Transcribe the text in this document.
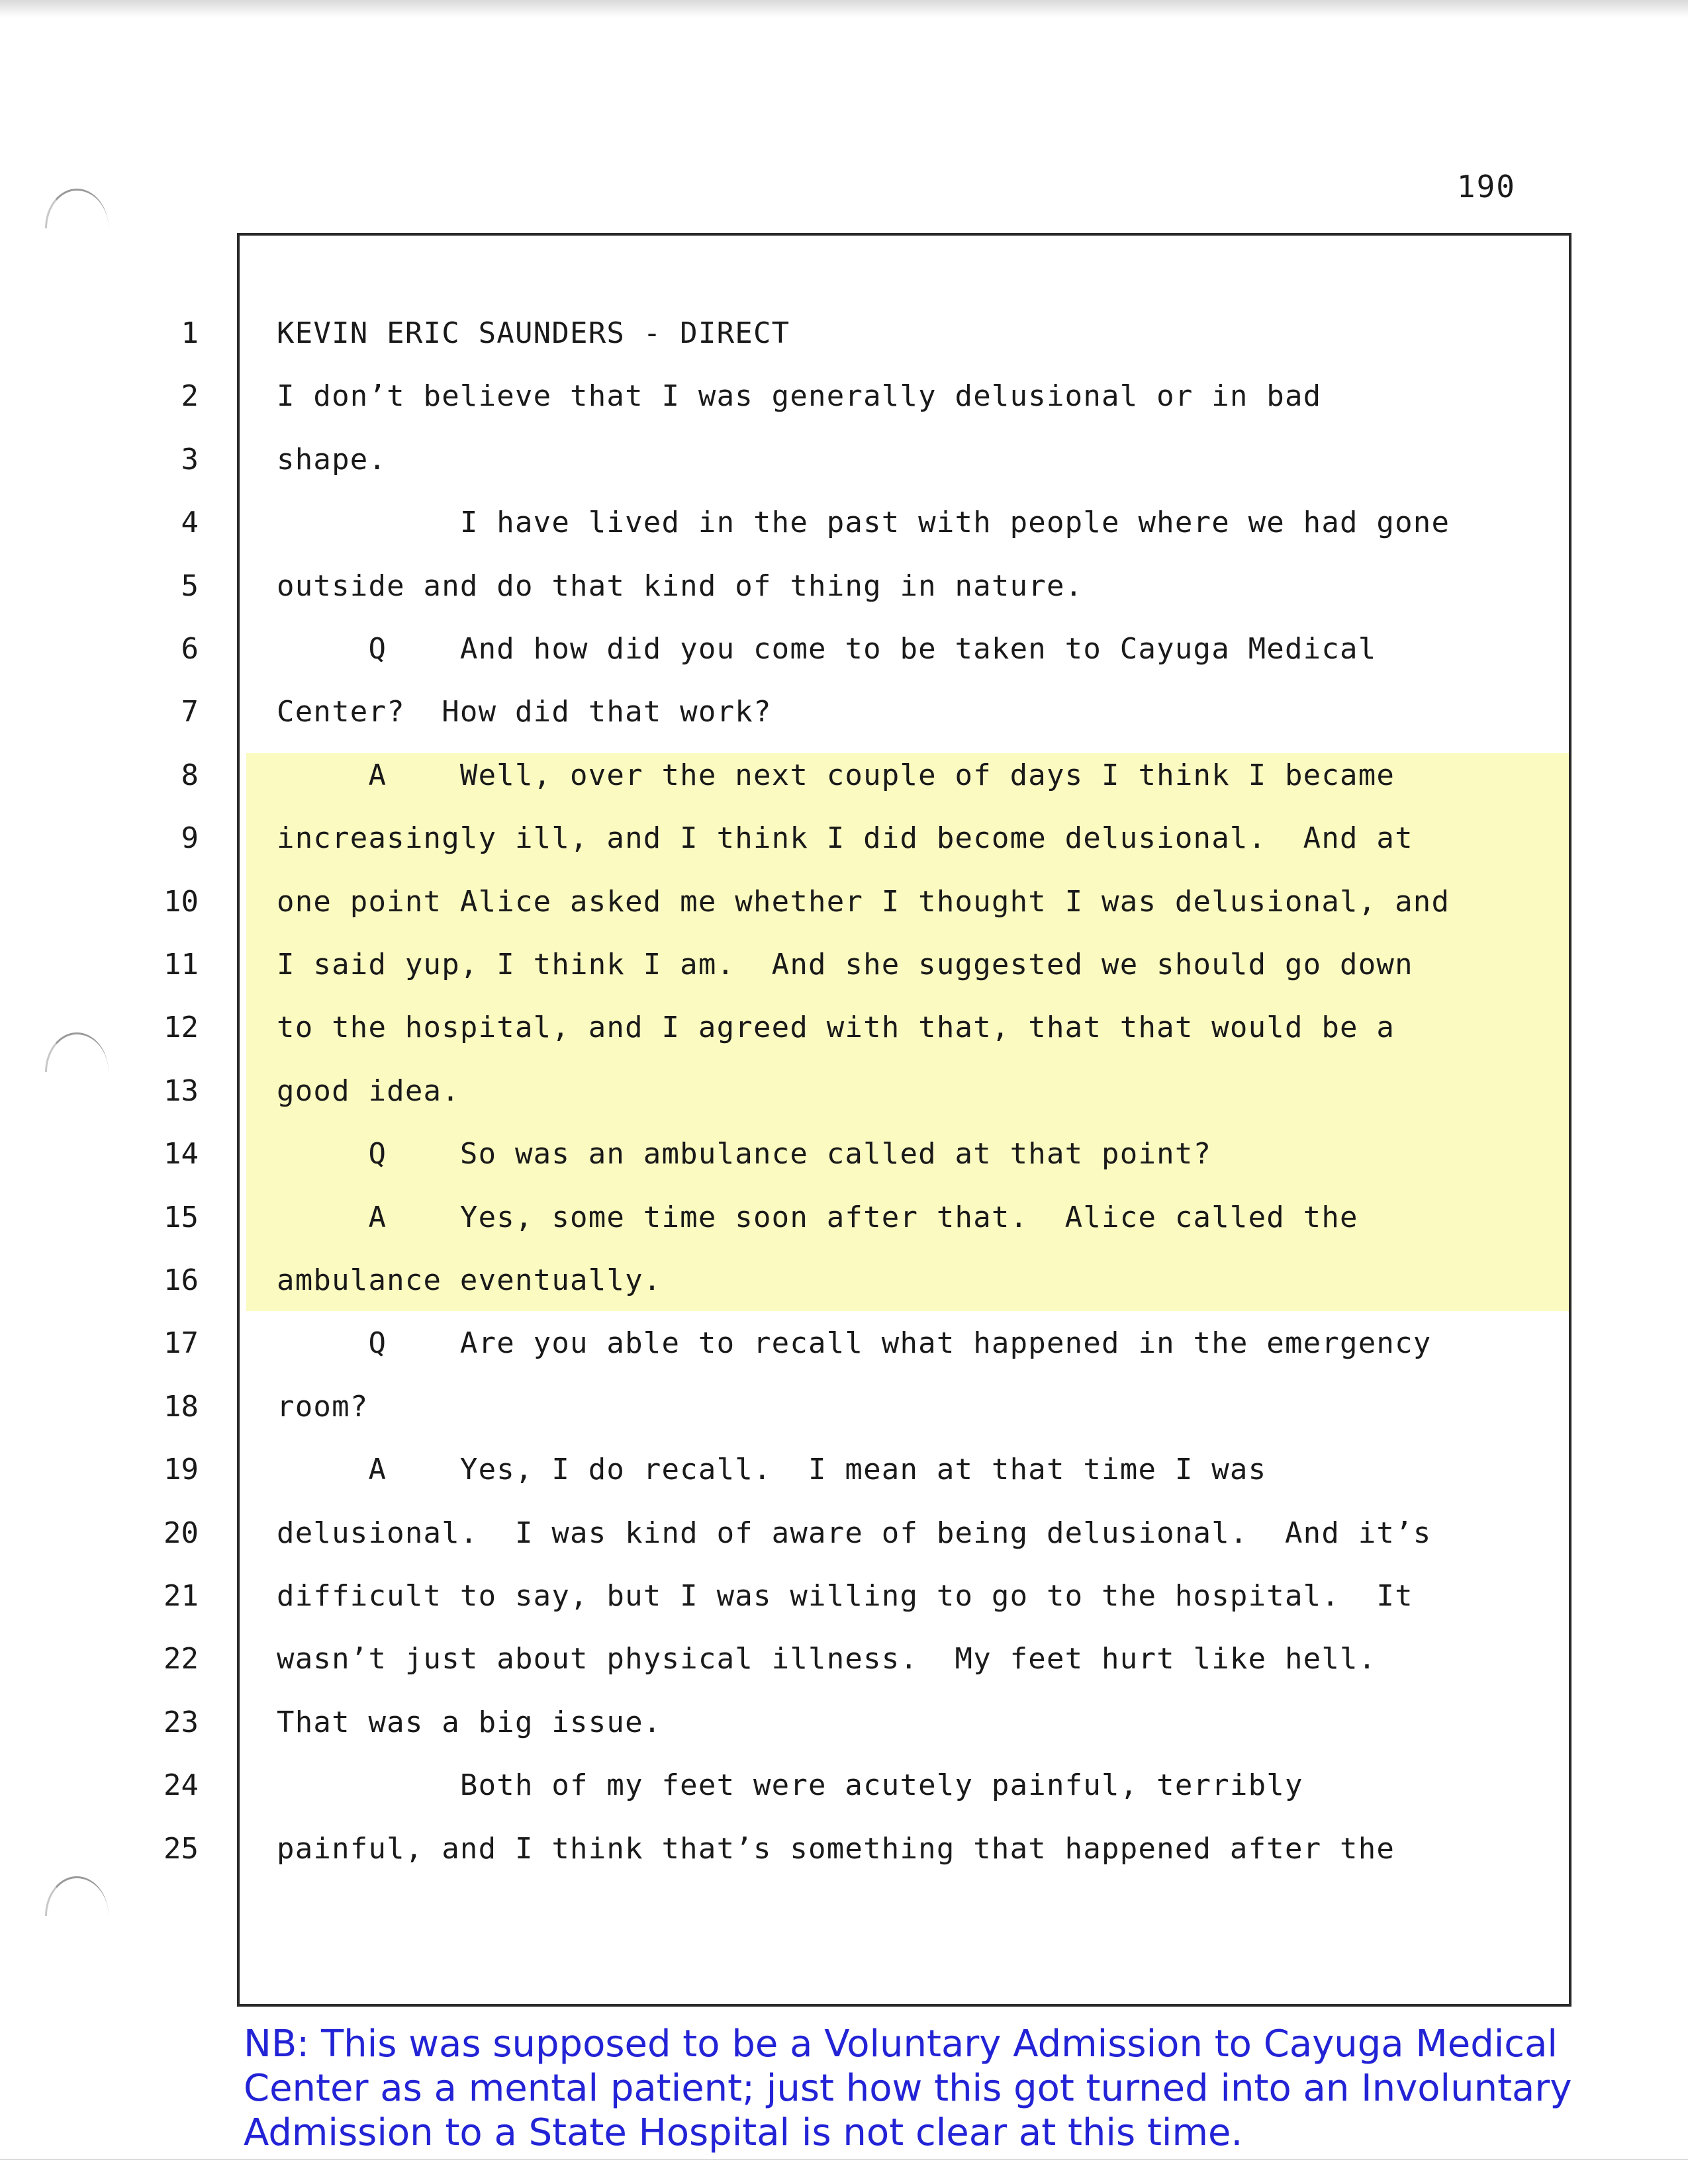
190
1	KEVIN ERIC SAUNDERS - DIRECT
2	I don’t believe that I was generally delusional or in bad
3	shape.
4	I have lived in the past with people where we had gone
5	outside and do that kind of thing in nature.
6	Q    And how did you come to be taken to Cayuga Medical
7	Center?  How did that work?
8	A    Well, over the next couple of days I think I became
9	increasingly ill, and I think I did become delusional.  And at
10	one point Alice asked me whether I thought I was delusional, and
11	I said yup, I think I am.  And she suggested we should go down
12	to the hospital, and I agreed with that, that that would be a
13	good idea.
14	Q    So was an ambulance called at that point?
15	A    Yes, some time soon after that.  Alice called the
16	ambulance eventually.
17	Q    Are you able to recall what happened in the emergency
18	room?
19	A    Yes, I do recall.  I mean at that time I was
20	delusional.  I was kind of aware of being delusional.  And it’s
21	difficult to say, but I was willing to go to the hospital.  It
22	wasn’t just about physical illness.  My feet hurt like hell.
23	That was a big issue.
24	Both of my feet were acutely painful, terribly
25	painful, and I think that’s something that happened after the
NB: This was supposed to be a Voluntary Admission to Cayuga Medical Center as a mental patient; just how this got turned into an Involuntary Admission to a State Hospital is not clear at this time.
